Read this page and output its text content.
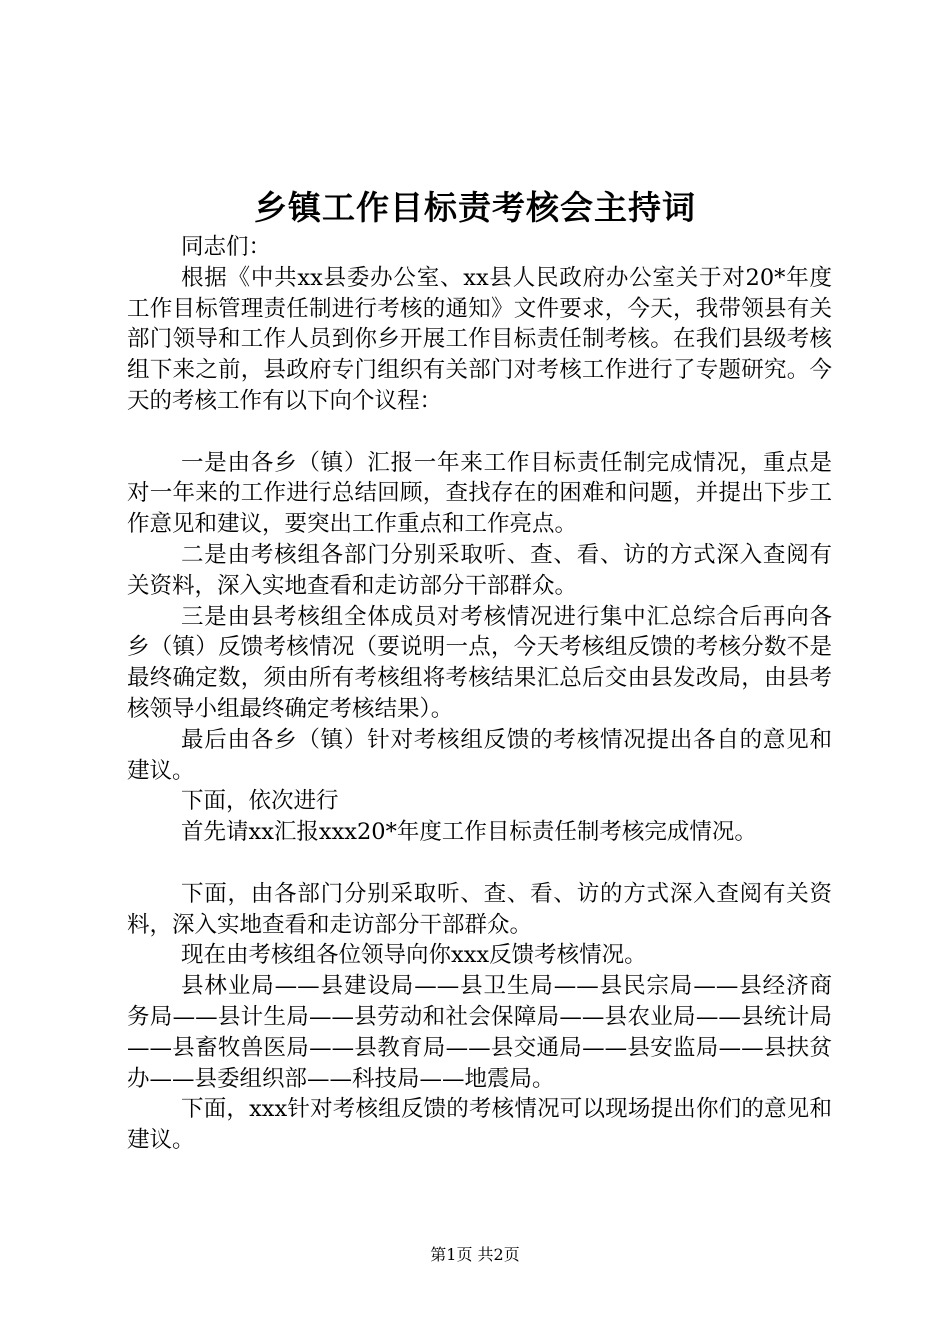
乡镇工作目标责考核会主持词

同志们：

根据《中共xx县委办公室、xx县人民政府办公室关于对20*年度工作目标管理责任制进行考核的通知》文件要求，今天，我带领县有关部门领导和工作人员到你乡开展工作目标责任制考核。在我们县级考核组下来之前，县政府专门组织有关部门对考核工作进行了专题研究。今天的考核工作有以下向个议程：

一是由各乡（镇）汇报一年来工作目标责任制完成情况，重点是对一年来的工作进行总结回顾，查找存在的困难和问题，并提出下步工作意见和建议，要突出工作重点和工作亮点。

二是由考核组各部门分别采取听、查、看、访的方式深入查阅有关资料，深入实地查看和走访部分干部群众。

三是由县考核组全体成员对考核情况进行集中汇总综合后再向各乡（镇）反馈考核情况（要说明一点，今天考核组反馈的考核分数不是最终确定数，须由所有考核组将考核结果汇总后交由县发改局，由县考核领导小组最终确定考核结果）。

最后由各乡（镇）针对考核组反馈的考核情况提出各自的意见和建议。

下面，依次进行

首先请xx汇报xxx20*年度工作目标责任制考核完成情况。

下面，由各部门分别采取听、查、看、访的方式深入查阅有关资料，深入实地查看和走访部分干部群众。

现在由考核组各位领导向你xxx反馈考核情况。

县林业局——县建设局——县卫生局——县民宗局——县经济商务局——县计生局——县劳动和社会保障局——县农业局——县统计局——县畜牧兽医局——县教育局——县交通局——县安监局——县扶贫办——县委组织部——科技局——地震局。

下面，xxx针对考核组反馈的考核情况可以现场提出你们的意见和建议。

第1页 共2页
